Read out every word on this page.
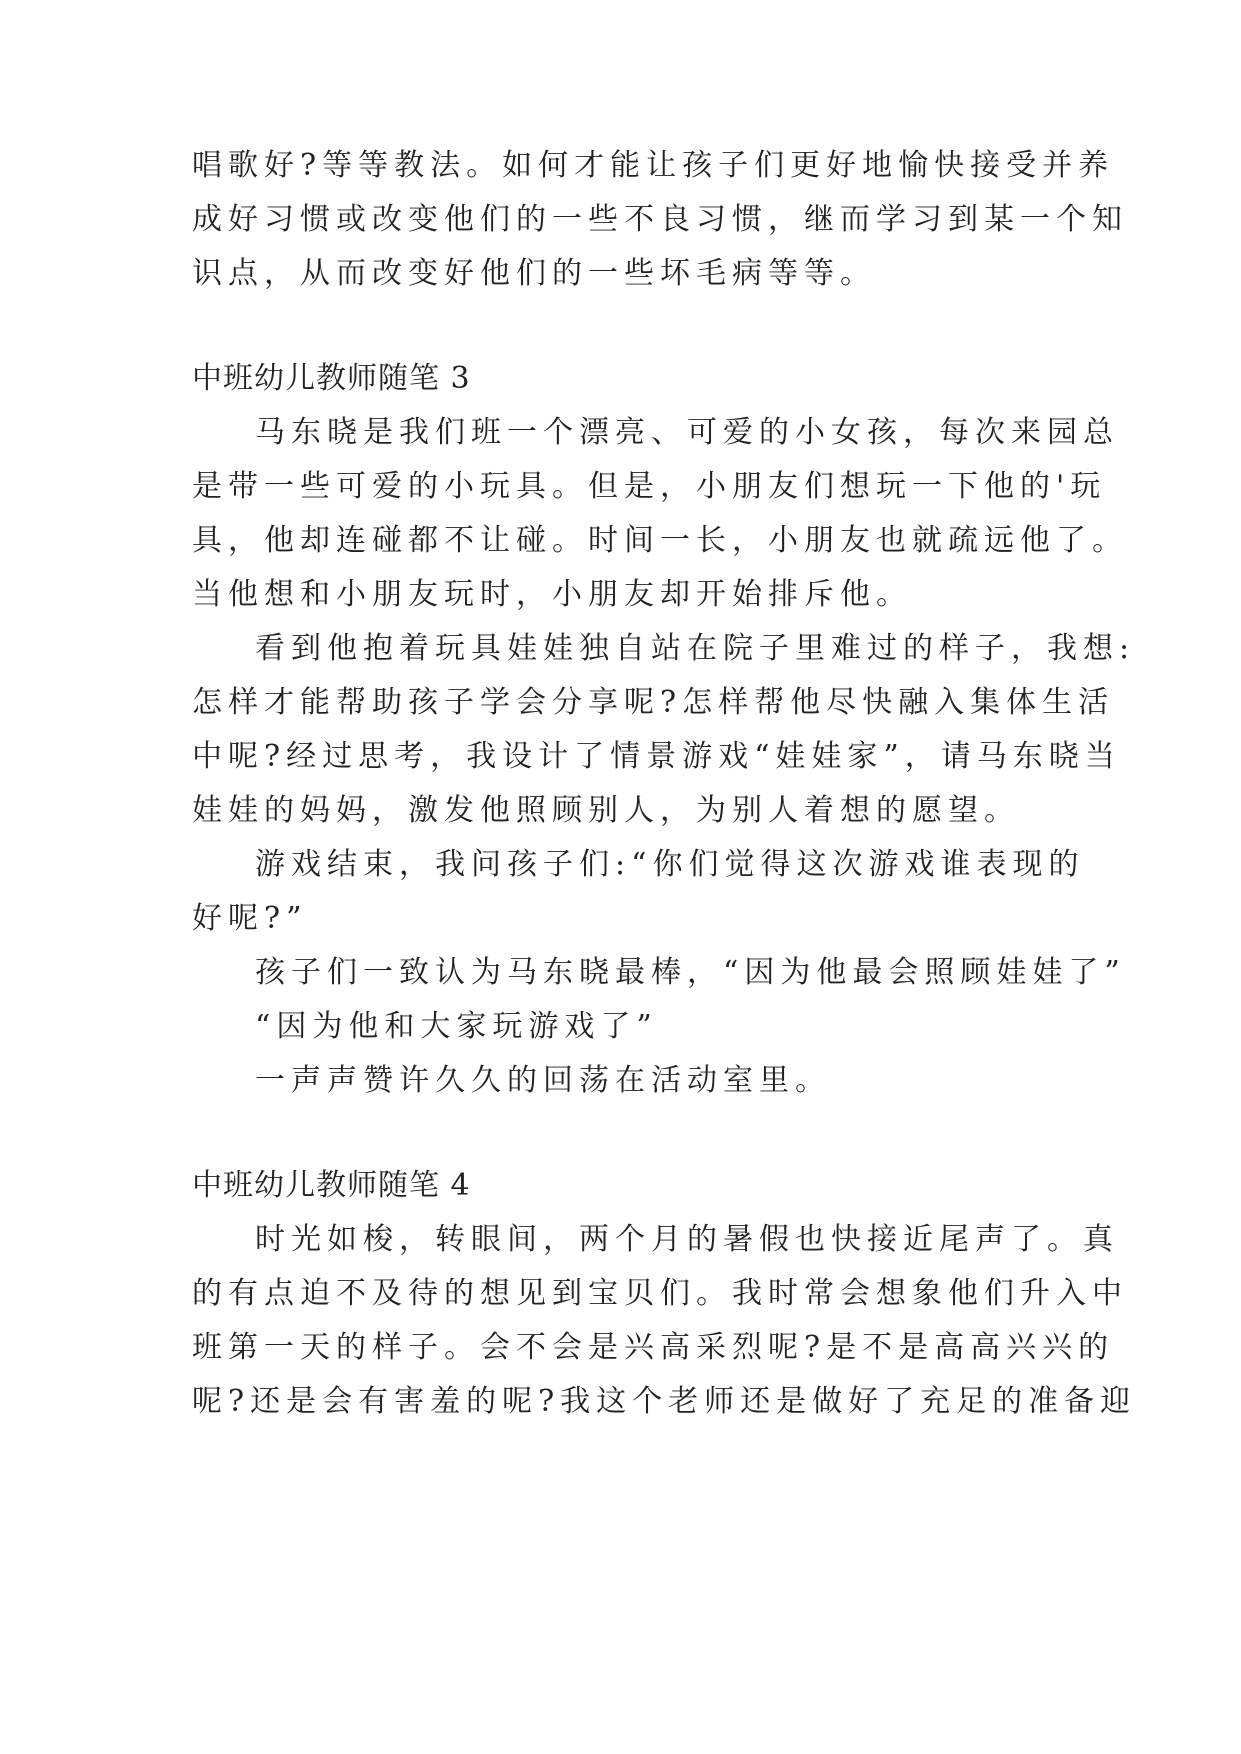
唱歌好?等等教法。如何才能让孩子们更好地愉快接受并养
成好习惯或改变他们的一些不良习惯，继而学习到某一个知
识点，从而改变好他们的一些坏毛病等等。
中班幼儿教师随笔 3
马东晓是我们班一个漂亮、可爱的小女孩，每次来园总
是带一些可爱的小玩具。但是，小朋友们想玩一下他的'玩
具，他却连碰都不让碰。时间一长，小朋友也就疏远他了。
当他想和小朋友玩时，小朋友却开始排斥他。
看到他抱着玩具娃娃独自站在院子里难过的样子，我想:
怎样才能帮助孩子学会分享呢?怎样帮他尽快融入集体生活
中呢?经过思考，我设计了情景游戏“娃娃家”，请马东晓当
娃娃的妈妈，激发他照顾别人，为别人着想的愿望。
游戏结束，我问孩子们:“你们觉得这次游戏谁表现的
好呢?”
孩子们一致认为马东晓最棒，“因为他最会照顾娃娃了”
“因为他和大家玩游戏了”
一声声赞许久久的回荡在活动室里。
中班幼儿教师随笔 4
时光如梭，转眼间，两个月的暑假也快接近尾声了。真
的有点迫不及待的想见到宝贝们。我时常会想象他们升入中
班第一天的样子。会不会是兴高采烈呢?是不是高高兴兴的
呢?还是会有害羞的呢?我这个老师还是做好了充足的准备迎
